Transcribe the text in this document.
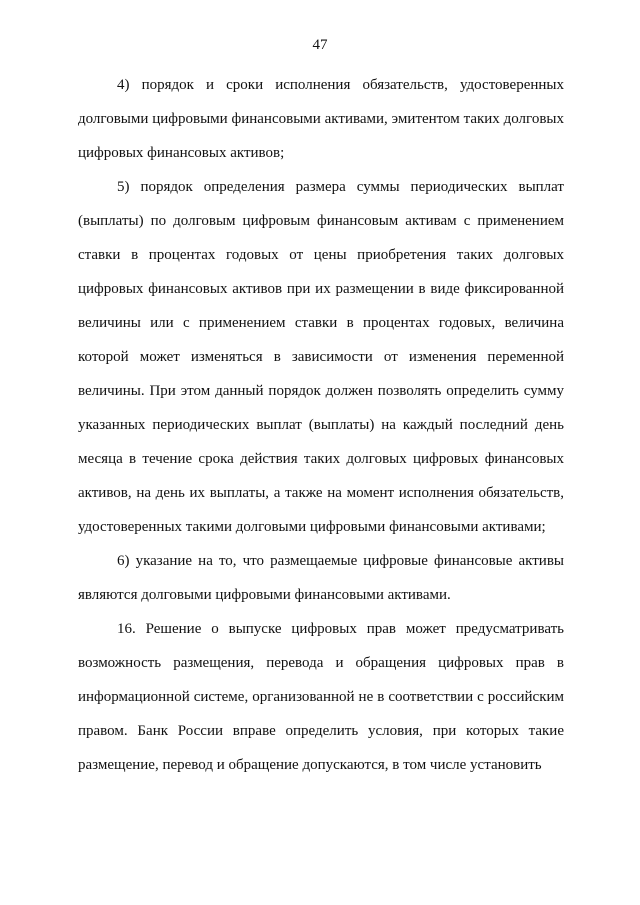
47

4) порядок и сроки исполнения обязательств, удостоверенных долговыми цифровыми финансовыми активами, эмитентом таких долговых цифровых финансовых активов;

5) порядок определения размера суммы периодических выплат (выплаты) по долговым цифровым финансовым активам с применением ставки в процентах годовых от цены приобретения таких долговых цифровых финансовых активов при их размещении в виде фиксированной величины или с применением ставки в процентах годовых, величина которой может изменяться в зависимости от изменения переменной величины. При этом данный порядок должен позволять определить сумму указанных периодических выплат (выплаты) на каждый последний день месяца в течение срока действия таких долговых цифровых финансовых активов, на день их выплаты, а также на момент исполнения обязательств, удостоверенных такими долговыми цифровыми финансовыми активами;

6) указание на то, что размещаемые цифровые финансовые активы являются долговыми цифровыми финансовыми активами.

16. Решение о выпуске цифровых прав может предусматривать возможность размещения, перевода и обращения цифровых прав в информационной системе, организованной не в соответствии с российским правом. Банк России вправе определить условия, при которых такие размещение, перевод и обращение допускаются, в том числе установить
